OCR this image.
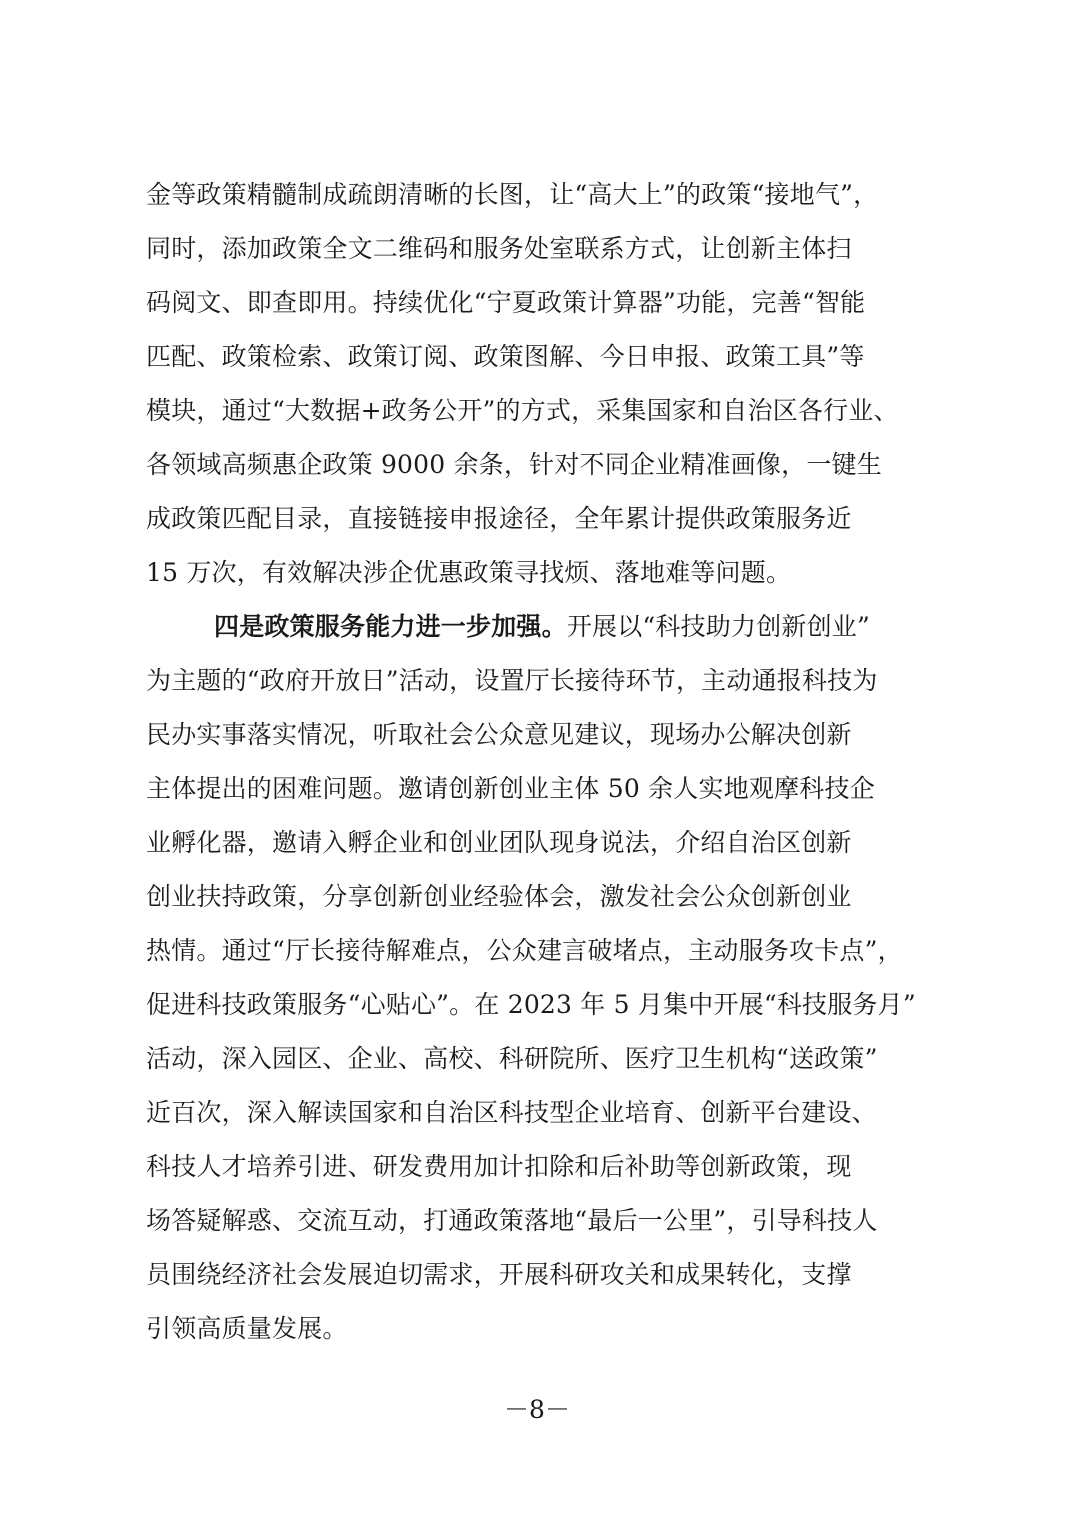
金等政策精髓制成疏朗清晰的长图，让“高大上”的政策“接地气”，
同时，添加政策全文二维码和服务处室联系方式，让创新主体扫
码阅文、即查即用。持续优化“宁夏政策计算器”功能，完善“智能
匹配、政策检索、政策订阅、政策图解、今日申报、政策工具”等
模块，通过“大数据+政务公开”的方式，采集国家和自治区各行业、
各领域高频惠企政策 9000 余条，针对不同企业精准画像，一键生
成政策匹配目录，直接链接申报途径，全年累计提供政策服务近
15 万次，有效解决涉企优惠政策寻找烦、落地难等问题。
四是政策服务能力进一步加强。开展以“科技助力创新创业”
为主题的“政府开放日”活动，设置厅长接待环节，主动通报科技为
民办实事落实情况，听取社会公众意见建议，现场办公解决创新
主体提出的困难问题。邀请创新创业主体 50 余人实地观摩科技企
业孵化器，邀请入孵企业和创业团队现身说法，介绍自治区创新
创业扶持政策，分享创新创业经验体会，激发社会公众创新创业
热情。通过“厅长接待解难点，公众建言破堵点，主动服务攻卡点”，
促进科技政策服务“心贴心”。在 2023 年 5 月集中开展“科技服务月”
活动，深入园区、企业、高校、科研院所、医疗卫生机构“送政策”
近百次，深入解读国家和自治区科技型企业培育、创新平台建设、
科技人才培养引进、研发费用加计扣除和后补助等创新政策，现
场答疑解惑、交流互动，打通政策落地“最后一公里”，引导科技人
员围绕经济社会发展迫切需求，开展科研攻关和成果转化，支撑
引领高质量发展。
－8－
